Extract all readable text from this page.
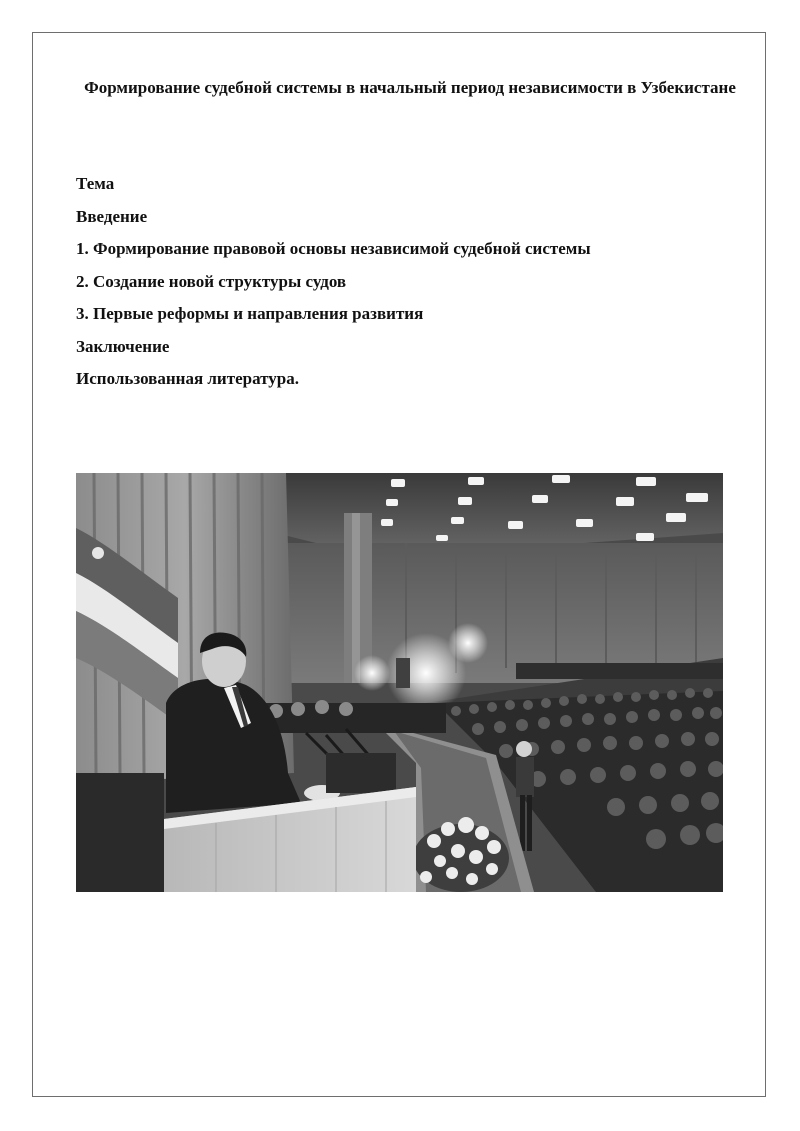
Формирование судебной системы в начальный период независимости в Узбекистане
Тема
Введение
1. Формирование правовой основы независимой судебной системы
2. Создание новой структуры судов
3. Первые реформы и направления развития
Заключение
Использованная литература.
